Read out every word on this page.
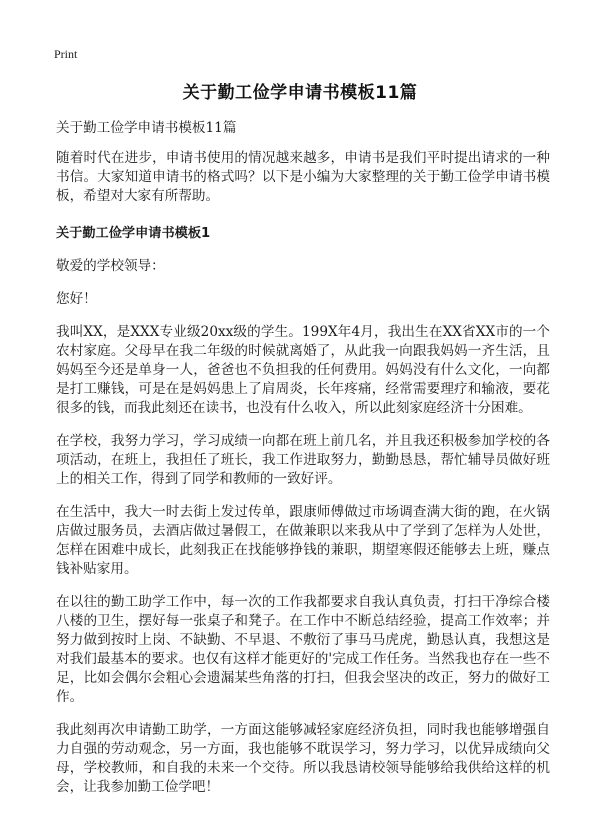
Print
关于勤工俭学申请书模板11篇

关于勤工俭学申请书模板11篇

随着时代在进步，申请书使用的情况越来越多，申请书是我们平时提出请求的一种书信。大家知道申请书的格式吗？以下是小编为大家整理的关于勤工俭学申请书模板，希望对大家有所帮助。

关于勤工俭学申请书模板1

敬爱的学校领导：

您好！

我叫XX，是XXX专业级20xx级的学生。199X年4月，我出生在XX省XX市的一个农村家庭。父母早在我二年级的时候就离婚了，从此我一向跟我妈妈一齐生活，且妈妈至今还是单身一人，爸爸也不负担我的任何费用。妈妈没有什么文化，一向都是打工赚钱，可是在是妈妈患上了肩周炎，长年疼痛，经常需要理疗和输液，要花很多的钱，而我此刻还在读书，也没有什么收入，所以此刻家庭经济十分困难。

在学校，我努力学习，学习成绩一向都在班上前几名，并且我还积极参加学校的各项活动，在班上，我担任了班长，我工作进取努力，勤勤恳恳，帮忙辅导员做好班上的相关工作，得到了同学和教师的一致好评。

在生活中，我大一时去街上发过传单，跟康师傅做过市场调查满大街的跑，在火锅店做过服务员，去酒店做过暑假工，在做兼职以来我从中了学到了怎样为人处世，怎样在困难中成长，此刻我正在找能够挣钱的兼职，期望寒假还能够去上班，赚点钱补贴家用。

在以往的勤工助学工作中，每一次的工作我都要求自我认真负责，打扫干净综合楼八楼的卫生，摆好每一张桌子和凳子。在工作中不断总结经验，提高工作效率；并努力做到按时上岗、不缺勤、不早退、不敷衍了事马马虎虎，勤恳认真，我想这是对我们最基本的要求。也仅有这样才能更好的'完成工作任务。当然我也存在一些不足，比如会偶尔会粗心会遗漏某些角落的打扫，但我会坚决的改正，努力的做好工作。

我此刻再次申请勤工助学，一方面这能够减轻家庭经济负担，同时我也能够增强自力自强的劳动观念，另一方面，我也能够不耽误学习，努力学习，以优异成绩向父母，学校教师，和自我的未来一个交待。所以我恳请校领导能够给我供给这样的机会，让我参加勤工俭学吧！
